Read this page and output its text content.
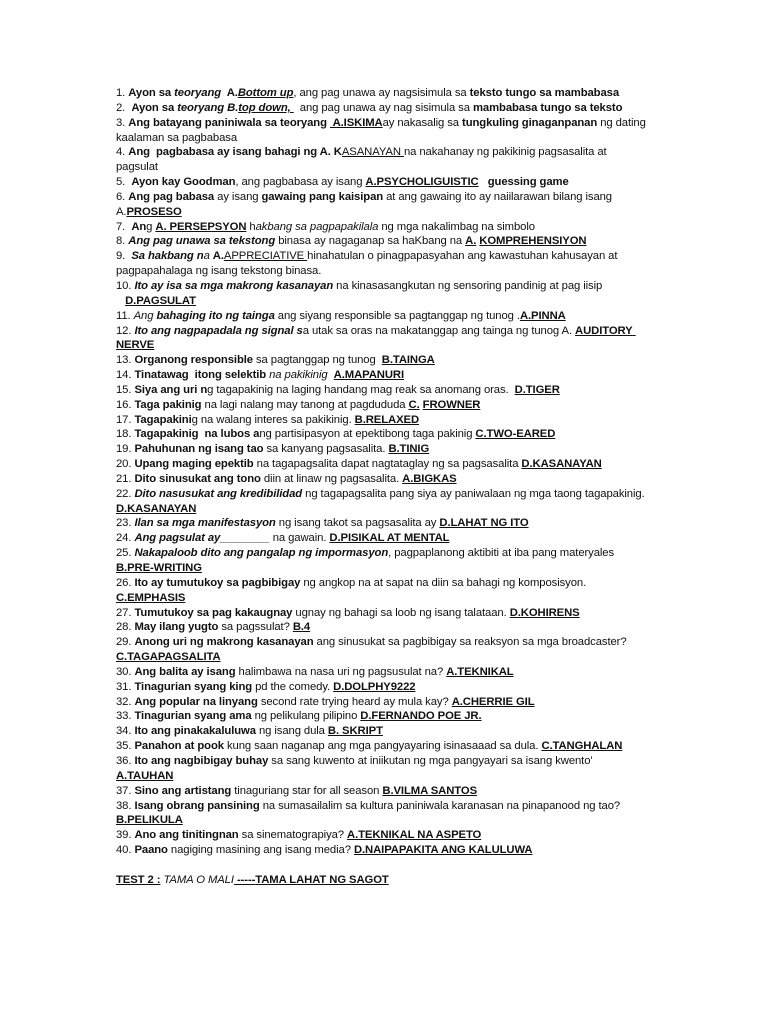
1. Ayon sa teoryang  A.Bottom up, ang pag unawa ay nagsisimula sa teksto tungo sa mambabasa
2.  Ayon sa teoryang B.top down,   ang pag unawa ay nag sisimula sa mambabasa tungo sa teksto
3. Ang batayang paniniwala sa teoryang  A.ISKIMAay nakasalig sa tungkuling ginaganpanan ng dating kaalaman sa pagbabasa
4. Ang  pagbabasa ay isang bahagi ng A. KASANAYAN na nakahanay ng pakikinig pagsasalita at pagsulat
5.  Ayon kay Goodman, ang pagbabasa ay isang A.PSYCHOLIGUISTIC guessing game
6. Ang pag babasa ay isang gawaing pang kaisipan at ang gawaing ito ay naiilarawan bilang isang A.PROSESO
7.  Ang A. PERSEPSYON hakbang sa pagpapakilala ng mga nakalimbag na simbolo
8. Ang pag unawa sa tekstong binasa ay nagaganap sa haKbang na A. KOMPREHENSIYON
9.  Sa hakbang na A.APPRECIATIVE hinahatulan o pinagpapasyahan ang kawastuhan kahusayan at pagpapahalaga ng isang tekstong binasa.
10. Ito ay isa sa mga makrong kasanayan na kinasasangkutan ng sensoring pandinig at pag iisip
D.PAGSULAT
11. Ang bahaging ito ng tainga ang siyang responsible sa pagtanggap ng tunog .A.PINNA
12. Ito ang nagpapadala ng signal sa utak sa oras na makatanggap ang tainga ng tunog A. AUDITORY NERVE
13. Organong responsible sa pagtanggap ng tunog  B.TAINGA
14. Tinatawag  itong selektib na pakikinig A.MAPANURI
15. Siya ang uri ng tagapakinig na laging handang mag reak sa anomang oras.  D.TIGER
16. Taga pakinig na lagi nalang may tanong at pagdududa C. FROWNER
17. Tagapakinig na walang interes sa pakikinig. B.RELAXED
18. Tagapakinig  na lubos ang partisipasyon at epektibong taga pakinig C.TWO-EARED
19. Pahuhunan ng isang tao sa kanyang pagsasalita. B.TINIG
20. Upang maging epektib na tagapagsalita dapat nagtataglay ng sa pagsasalita D.KASANAYAN
21. Dito sinusukat ang tono diin at linaw ng pagsasalita. A.BIGKAS
22. Dito nasusukat ang kredibilidad ng tagapagsalita pang siya ay paniwalaan ng mga taong tagapakinig. D.KASANAYAN
23. Ilan sa mga manifestasyon ng isang takot sa pagsasalita ay D.LAHAT NG ITO
24. Ang pagsulat ay________ na gawain. D.PISIKAL AT MENTAL
25. Nakapaloob dito ang pangalap ng impormasyon, pagpaplanong aktibiti at iba pang materyales B.PRE-WRITING
26. Ito ay tumutukoy sa pagbibigay ng angkop na at sapat na diin sa bahagi ng komposisyon. C.EMPHASIS
27. Tumutukoy sa pag kakaugnay ugnay ng bahagi sa loob ng isang talataan. D.KOHIRENS
28. May ilang yugto sa pagssulat? B.4
29. Anong uri ng makrong kasanayan ang sinusukat sa pagbibigay sa reaksyon sa mga broadcaster? C.TAGAPAGSALITA
30. Ang balita ay isang halimbawa na nasa uri ng pagsusulat na? A.TEKNIKAL
31. Tinagurian syang king pd the comedy. D.DOLPHY9222
32. Ang popular na linyang second rate trying heard ay mula kay? A.CHERRIE GIL
33. Tinagurian syang ama ng pelikulang pilipino D.FERNANDO POE JR.
34. Ito ang pinakakaluluwa ng isang dula B. SKRIPT
35. Panahon at pook kung saan naganap ang mga pangyayaring isinasaaad sa dula. C.TANGHALAN
36. Ito ang nagbibigay buhay sa sang kuwento at iniikutan ng mga pangyayari sa isang kwento' A.TAUHAN
37. Sino ang artistang tinaguriang star for all season B.VILMA SANTOS
38. Isang obrang pansining na sumasailalim sa kultura paniniwala karanasan na pinapanood ng tao? B.PELIKULA
39. Ano ang tinitingnan sa sinematograpiya? A.TEKNIKAL NA ASPETO
40. Paano nagiging masining ang isang media? D.NAIPAPAKITA ANG KALULUWA
TEST 2 : TAMA O MALI -----TAMA LAHAT NG SAGOT
